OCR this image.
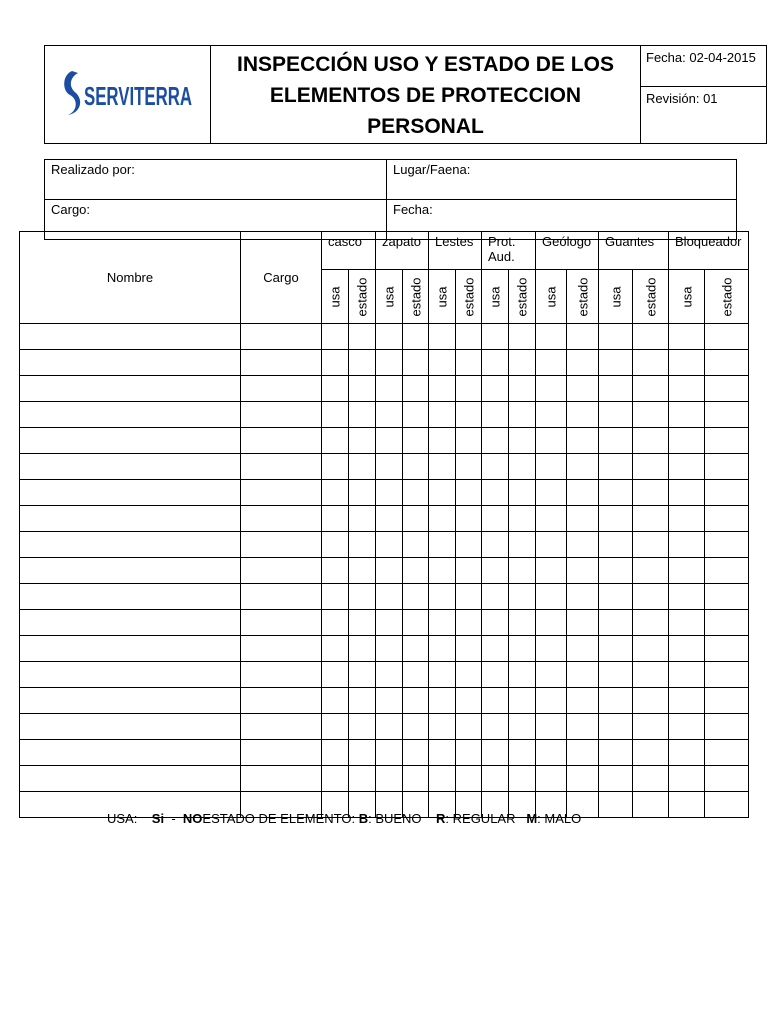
SERVITERRA

INSPECCIÓN USO Y ESTADO DE LOS ELEMENTOS DE PROTECCION PERSONAL
	Fecha: 02-04-2015
Revisión: 01
Realizado por:	Lugar/Faena:
Cargo:	Fecha:
Nombre	Cargo	casco		zapato		Lestes		Prot. Aud.		Geólogo		Guantes		Bloqueador	

		usa	estado	usa	estado	usa	estado	usa	estado	usa	estado	usa	estado	usa	estado

USA: Si - NOESTADO DE ELEMENTO: B: BUENO R: REGULAR M: MALO
